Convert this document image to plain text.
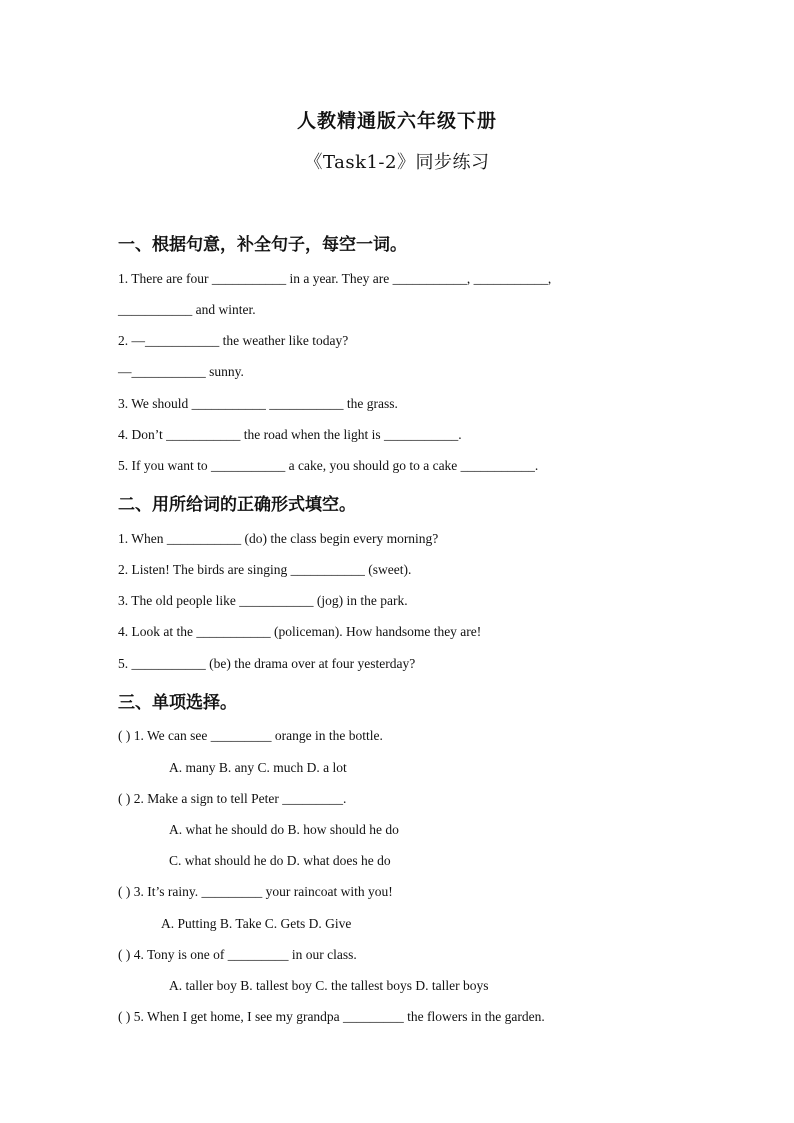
人教精通版六年级下册
《Task1-2》同步练习
一、根据句意，补全句子，每空一词。
1. There are four ___________ in a year. They are ___________, ___________,
___________ and winter.
2. —___________ the weather like today?
—___________ sunny.
3. We should ___________ ___________ the grass.
4. Don’t ___________ the road when the light is ___________.
5. If you want to ___________ a cake, you should go to a cake ___________.
二、用所给词的正确形式填空。
1. When ___________ (do) the class begin every morning?
2. Listen! The birds are singing ___________ (sweet).
3. The old people like ___________ (jog) in the park.
4. Look at the ___________ (policeman). How handsome they are!
5. ___________ (be) the drama over at four yesterday?
三、单项选择。
( ) 1. We can see _________ orange in the bottle.
A. many B. any C. much D. a lot
( ) 2. Make a sign to tell Peter _________.
A. what he should do B. how should he do
C. what should he do D. what does he do
( ) 3. It’s rainy. _________ your raincoat with you!
A. Putting B. Take C. Gets D. Give
( ) 4. Tony is one of _________ in our class.
A. taller boy B. tallest boy C. the tallest boys D. taller boys
( ) 5. When I get home, I see my grandpa _________ the flowers in the garden.
